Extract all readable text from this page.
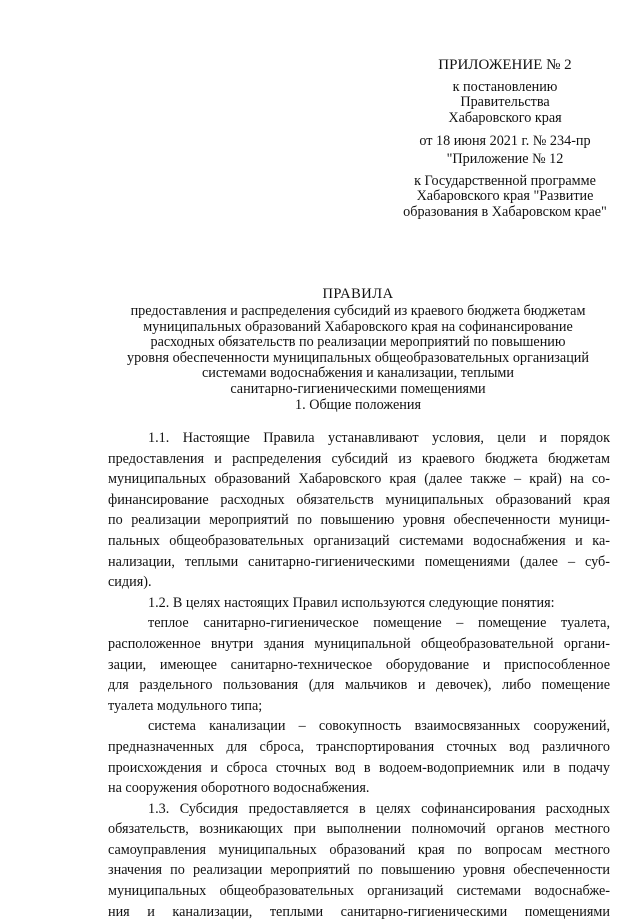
ПРИЛОЖЕНИЕ № 2
к постановлению
Правительства
Хабаровского края
от 18 июня 2021 г. № 234-пр
"Приложение № 12
к Государственной программе
Хабаровского края "Развитие
образования в Хабаровском крае"
ПРАВИЛА
предоставления и распределения субсидий из краевого бюджета бюджетам
муниципальных образований Хабаровского края на софинансирование
расходных обязательств по реализации мероприятий по повышению
уровня обеспеченности муниципальных общеобразовательных организаций
системами водоснабжения и канализации, теплыми
санитарно-гигиеническими помещениями
1. Общие положения
1.1. Настоящие Правила устанавливают условия, цели и порядок
предоставления и распределения субсидий из краевого бюджета бюджетам
муниципальных образований Хабаровского края (далее также – край) на со-
финансирование расходных обязательств муниципальных образований края
по реализации мероприятий по повышению уровня обеспеченности муници-
пальных общеобразовательных организаций системами водоснабжения и ка-
нализации, теплыми санитарно-гигиеническими помещениями (далее – суб-
сидия).
1.2. В целях настоящих Правил используются следующие понятия:
теплое санитарно-гигиеническое помещение – помещение туалета,
расположенное внутри здания муниципальной общеобразовательной органи-
зации, имеющее санитарно-техническое оборудование и приспособленное
для раздельного пользования (для мальчиков и девочек), либо помещение
туалета модульного типа;
система канализации – совокупность взаимосвязанных сооружений,
предназначенных для сброса, транспортирования сточных вод различного
происхождения и сброса сточных вод в водоем-водоприемник или в подачу
на сооружения оборотного водоснабжения.
1.3. Субсидия предоставляется в целях софинансирования расходных
обязательств, возникающих при выполнении полномочий органов местного
самоуправления муниципальных образований края по вопросам местного
значения по реализации мероприятий по повышению уровня обеспеченности
муниципальных общеобразовательных организаций системами водоснабже-
ния и канализации, теплыми санитарно-гигиеническими помещениями
